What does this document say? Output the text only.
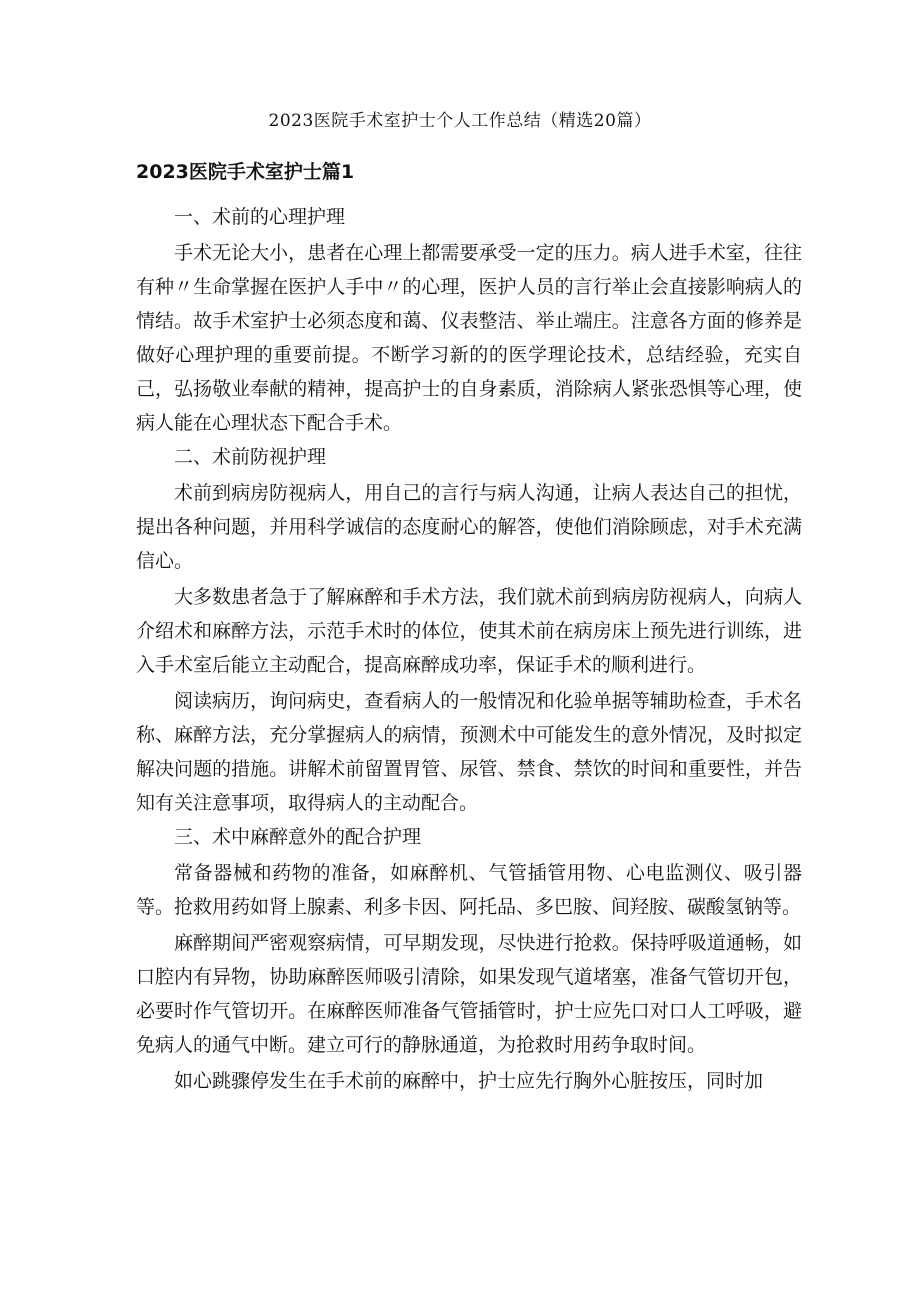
2023医院手术室护士个人工作总结（精选20篇）
2023医院手术室护士篇1

一、术前的心理护理

手术无论大小，患者在心理上都需要承受一定的压力。病人进手术室，往往有种〃生命掌握在医护人手中〃的心理，医护人员的言行举止会直接影响病人的情结。故手术室护士必须态度和蔼、仪表整洁、举止端庄。注意各方面的修养是做好心理护理的重要前提。不断学习新的的医学理论技术，总结经验，充实自己，弘扬敬业奉献的精神，提高护士的自身素质，消除病人紧张恐惧等心理，使病人能在心理状态下配合手术。

二、术前防视护理

术前到病房防视病人，用自己的言行与病人沟通，让病人表达自己的担忧，提出各种问题，并用科学诚信的态度耐心的解答，使他们消除顾虑，对手术充满信心。

大多数患者急于了解麻醉和手术方法，我们就术前到病房防视病人，向病人介绍术和麻醉方法，示范手术时的体位，使其术前在病房床上预先进行训练，进入手术室后能立主动配合，提高麻醉成功率，保证手术的顺利进行。

阅读病历，询问病史，查看病人的一般情况和化验单据等辅助检查，手术名称、麻醉方法，充分掌握病人的病情，预测术中可能发生的意外情况，及时拟定解决问题的措施。讲解术前留置胃管、尿管、禁食、禁饮的时间和重要性，并告知有关注意事项，取得病人的主动配合。

三、术中麻醉意外的配合护理

常备器械和药物的准备，如麻醉机、气管插管用物、心电监测仪、吸引器等。抢救用药如肾上腺素、利多卡因、阿托品、多巴胺、间羟胺、碳酸氢钠等。

麻醉期间严密观察病情，可早期发现，尽快进行抢救。保持呼吸道通畅，如口腔内有异物，协助麻醉医师吸引清除，如果发现气道堵塞，准备气管切开包，必要时作气管切开。在麻醉医师准备气管插管时，护士应先口对口人工呼吸，避免病人的通气中断。建立可行的静脉通道，为抢救时用药争取时间。

如心跳骤停发生在手术前的麻醉中，护士应先行胸外心脏按压，同时加
